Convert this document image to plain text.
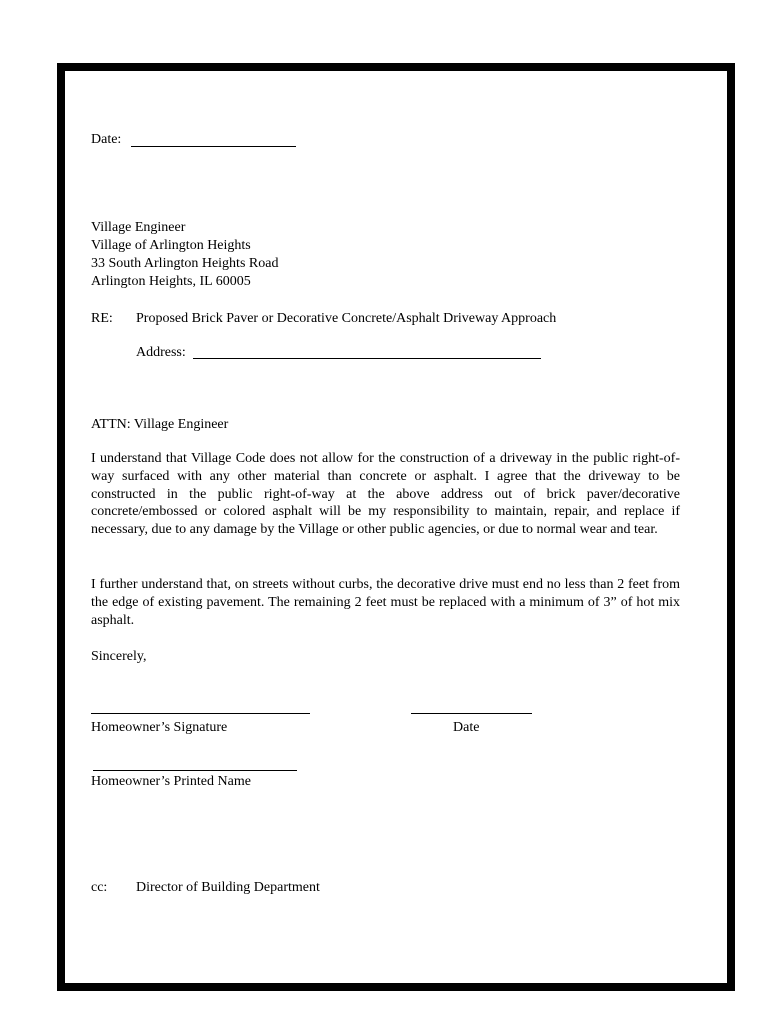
Date:
Village Engineer
Village of Arlington Heights
33 South Arlington Heights Road
Arlington Heights, IL 60005
RE: Proposed Brick Paver or Decorative Concrete/Asphalt Driveway Approach
Address:
ATTN: Village Engineer

I understand that Village Code does not allow for the construction of a driveway in the public right-of-way surfaced with any other material than concrete or asphalt. I agree that the driveway to be constructed in the public right-of-way at the above address out of brick paver/decorative concrete/embossed or colored asphalt will be my responsibility to maintain, repair, and replace if necessary, due to any damage by the Village or other public agencies, or due to normal wear and tear.

I further understand that, on streets without curbs, the decorative drive must end no less than 2 feet from the edge of existing pavement. The remaining 2 feet must be replaced with a minimum of 3” of hot mix asphalt.

Sincerely,
Homeowner’s Signature	Date
Homeowner’s Printed Name
cc: Director of Building Department
